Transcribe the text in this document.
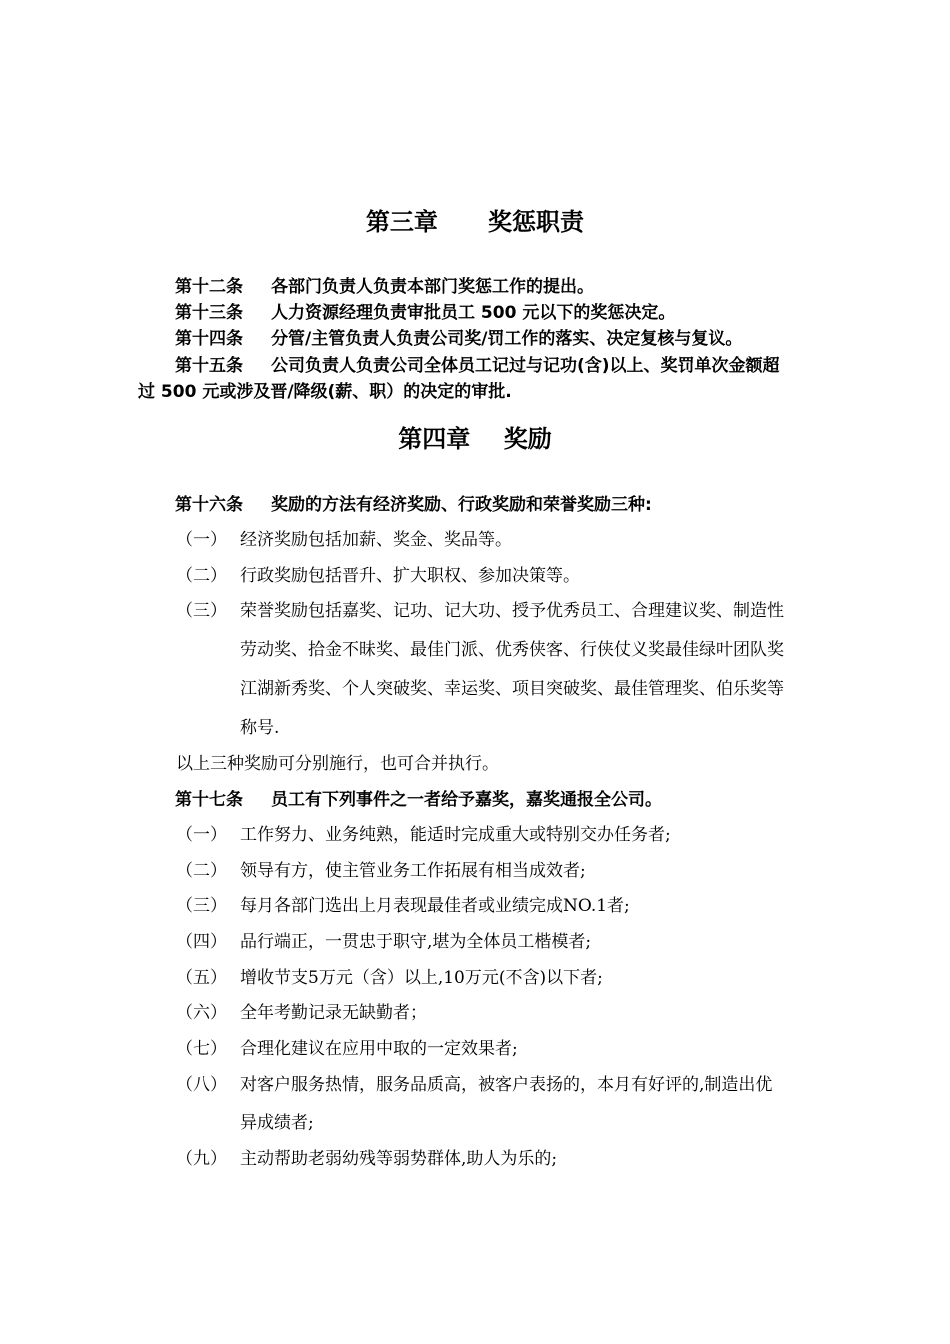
第三章      奖惩职责
第十二条 各部门负责人负责本部门奖惩工作的提出。
第十三条 人力资源经理负责审批员工 500 元以下的奖惩决定。
第十四条 分管/主管负责人负责公司奖/罚工作的落实、决定复核与复议。
第十五条 公司负责人负责公司全体员工记过与记功(含)以上、奖罚单次金额超
过 500 元或涉及晋/降级(薪、职）的决定的审批.
第四章    奖励
第十六条 奖励的方法有经济奖励、行政奖励和荣誉奖励三种:
（一） 经济奖励包括加薪、奖金、奖品等。
（二） 行政奖励包括晋升、扩大职权、参加决策等。
（三） 荣誉奖励包括嘉奖、记功、记大功、授予优秀员工、合理建议奖、制造性
劳动奖、拾金不昧奖、最佳门派、优秀侠客、行侠仗义奖最佳绿叶团队奖
江湖新秀奖、个人突破奖、幸运奖、项目突破奖、最佳管理奖、伯乐奖等
称号.
以上三种奖励可分别施行，也可合并执行。
第十七条 员工有下列事件之一者给予嘉奖，嘉奖通报全公司。
（一） 工作努力、业务纯熟，能适时完成重大或特别交办任务者;
（二） 领导有方，使主管业务工作拓展有相当成效者;
（三） 每月各部门选出上月表现最佳者或业绩完成NO.1者;
（四） 品行端正，一贯忠于职守,堪为全体员工楷模者;
（五） 增收节支5万元（含）以上,10万元(不含)以下者;
（六） 全年考勤记录无缺勤者；
（七） 合理化建议在应用中取的一定效果者;
（八） 对客户服务热情，服务品质高，被客户表扬的，本月有好评的,制造出优
异成绩者;
（九） 主动帮助老弱幼残等弱势群体,助人为乐的;
